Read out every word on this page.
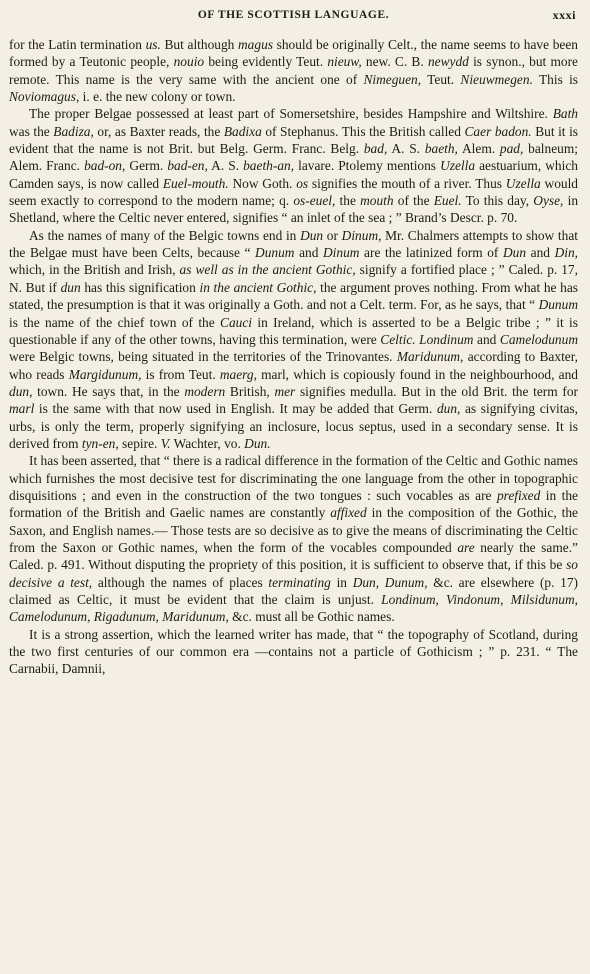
OF THE SCOTTISH LANGUAGE.	xxxi

for the Latin termination us. But although magus should be originally Celt., the name seems to have been formed by a Teutonic people, nouio being evidently Teut. nieuw, new. C. B. newydd is synon., but more remote. This name is the very same with the ancient one of Nimeguen, Teut. Nieuwmegen. This is Noviomagus, i. e. the new colony or town.

The proper Belgae possessed at least part of Somersetshire, besides Hampshire and Wiltshire. Bath was the Badiza, or, as Baxter reads, the Badixa of Stephanus. This the British called Caer badon. But it is evident that the name is not Brit. but Belg. Germ. Franc. Belg. bad, A. S. baeth, Alem. pad, balneum; Alem. Franc. bad-on, Germ. bad-en, A. S. baeth-an, lavare. Ptolemy mentions Uzella aestuarium, which Camden says, is now called Euel-mouth. Now Goth. os signifies the mouth of a river. Thus Uzella would seem exactly to correspond to the modern name; q. os-euel, the mouth of the Euel. To this day, Oyse, in Shetland, where the Celtic never entered, signifies “ an inlet of the sea ; ” Brand’s Descr. p. 70.

As the names of many of the Belgic towns end in Dun or Dinum, Mr. Chalmers attempts to show that the Belgae must have been Celts, because “ Dunum and Dinum are the latinized form of Dun and Din, which, in the British and Irish, as well as in the ancient Gothic, signify a fortified place ; ” Caled. p. 17, N. But if dun has this signification in the ancient Gothic, the argument proves nothing. From what he has stated, the presumption is that it was originally a Goth. and not a Celt. term. For, as he says, that “ Dunum is the name of the chief town of the Cauci in Ireland, which is asserted to be a Belgic tribe ; ” it is questionable if any of the other towns, having this termination, were Celtic. Londinum and Camelodunum were Belgic towns, being situated in the territories of the Trinovantes. Maridunum, according to Baxter, who reads Margidunum, is from Teut. maerg, marl, which is copiously found in the neighbourhood, and dun, town. He says that, in the modern British, mer signifies medulla. But in the old Brit. the term for marl is the same with that now used in English. It may be added that Germ. dun, as signifying civitas, urbs, is only the term, properly signifying an inclosure, locus septus, used in a secondary sense. It is derived from tyn-en, sepire. V. Wachter, vo. Dun.

It has been asserted, that “ there is a radical difference in the formation of the Celtic and Gothic names which furnishes the most decisive test for discriminating the one language from the other in topographic disquisitions ; and even in the construction of the two tongues : such vocables as are prefixed in the formation of the British and Gaelic names are constantly affixed in the composition of the Gothic, the Saxon, and English names.— Those tests are so decisive as to give the means of discriminating the Celtic from the Saxon or Gothic names, when the form of the vocables compounded are nearly the same.” Caled. p. 491. Without disputing the propriety of this position, it is sufficient to observe that, if this be so decisive a test, although the names of places terminating in Dun, Dunum, &c. are elsewhere (p. 17) claimed as Celtic, it must be evident that the claim is unjust. Londinum, Vindonum, Milsidunum, Camelodunum, Rigadunum, Maridunum, &c. must all be Gothic names.

It is a strong assertion, which the learned writer has made, that “ the topography of Scotland, during the two first centuries of our common era —contains not a particle of Gothicism ; ” p. 231. “ The Carnabii, Damnii,
